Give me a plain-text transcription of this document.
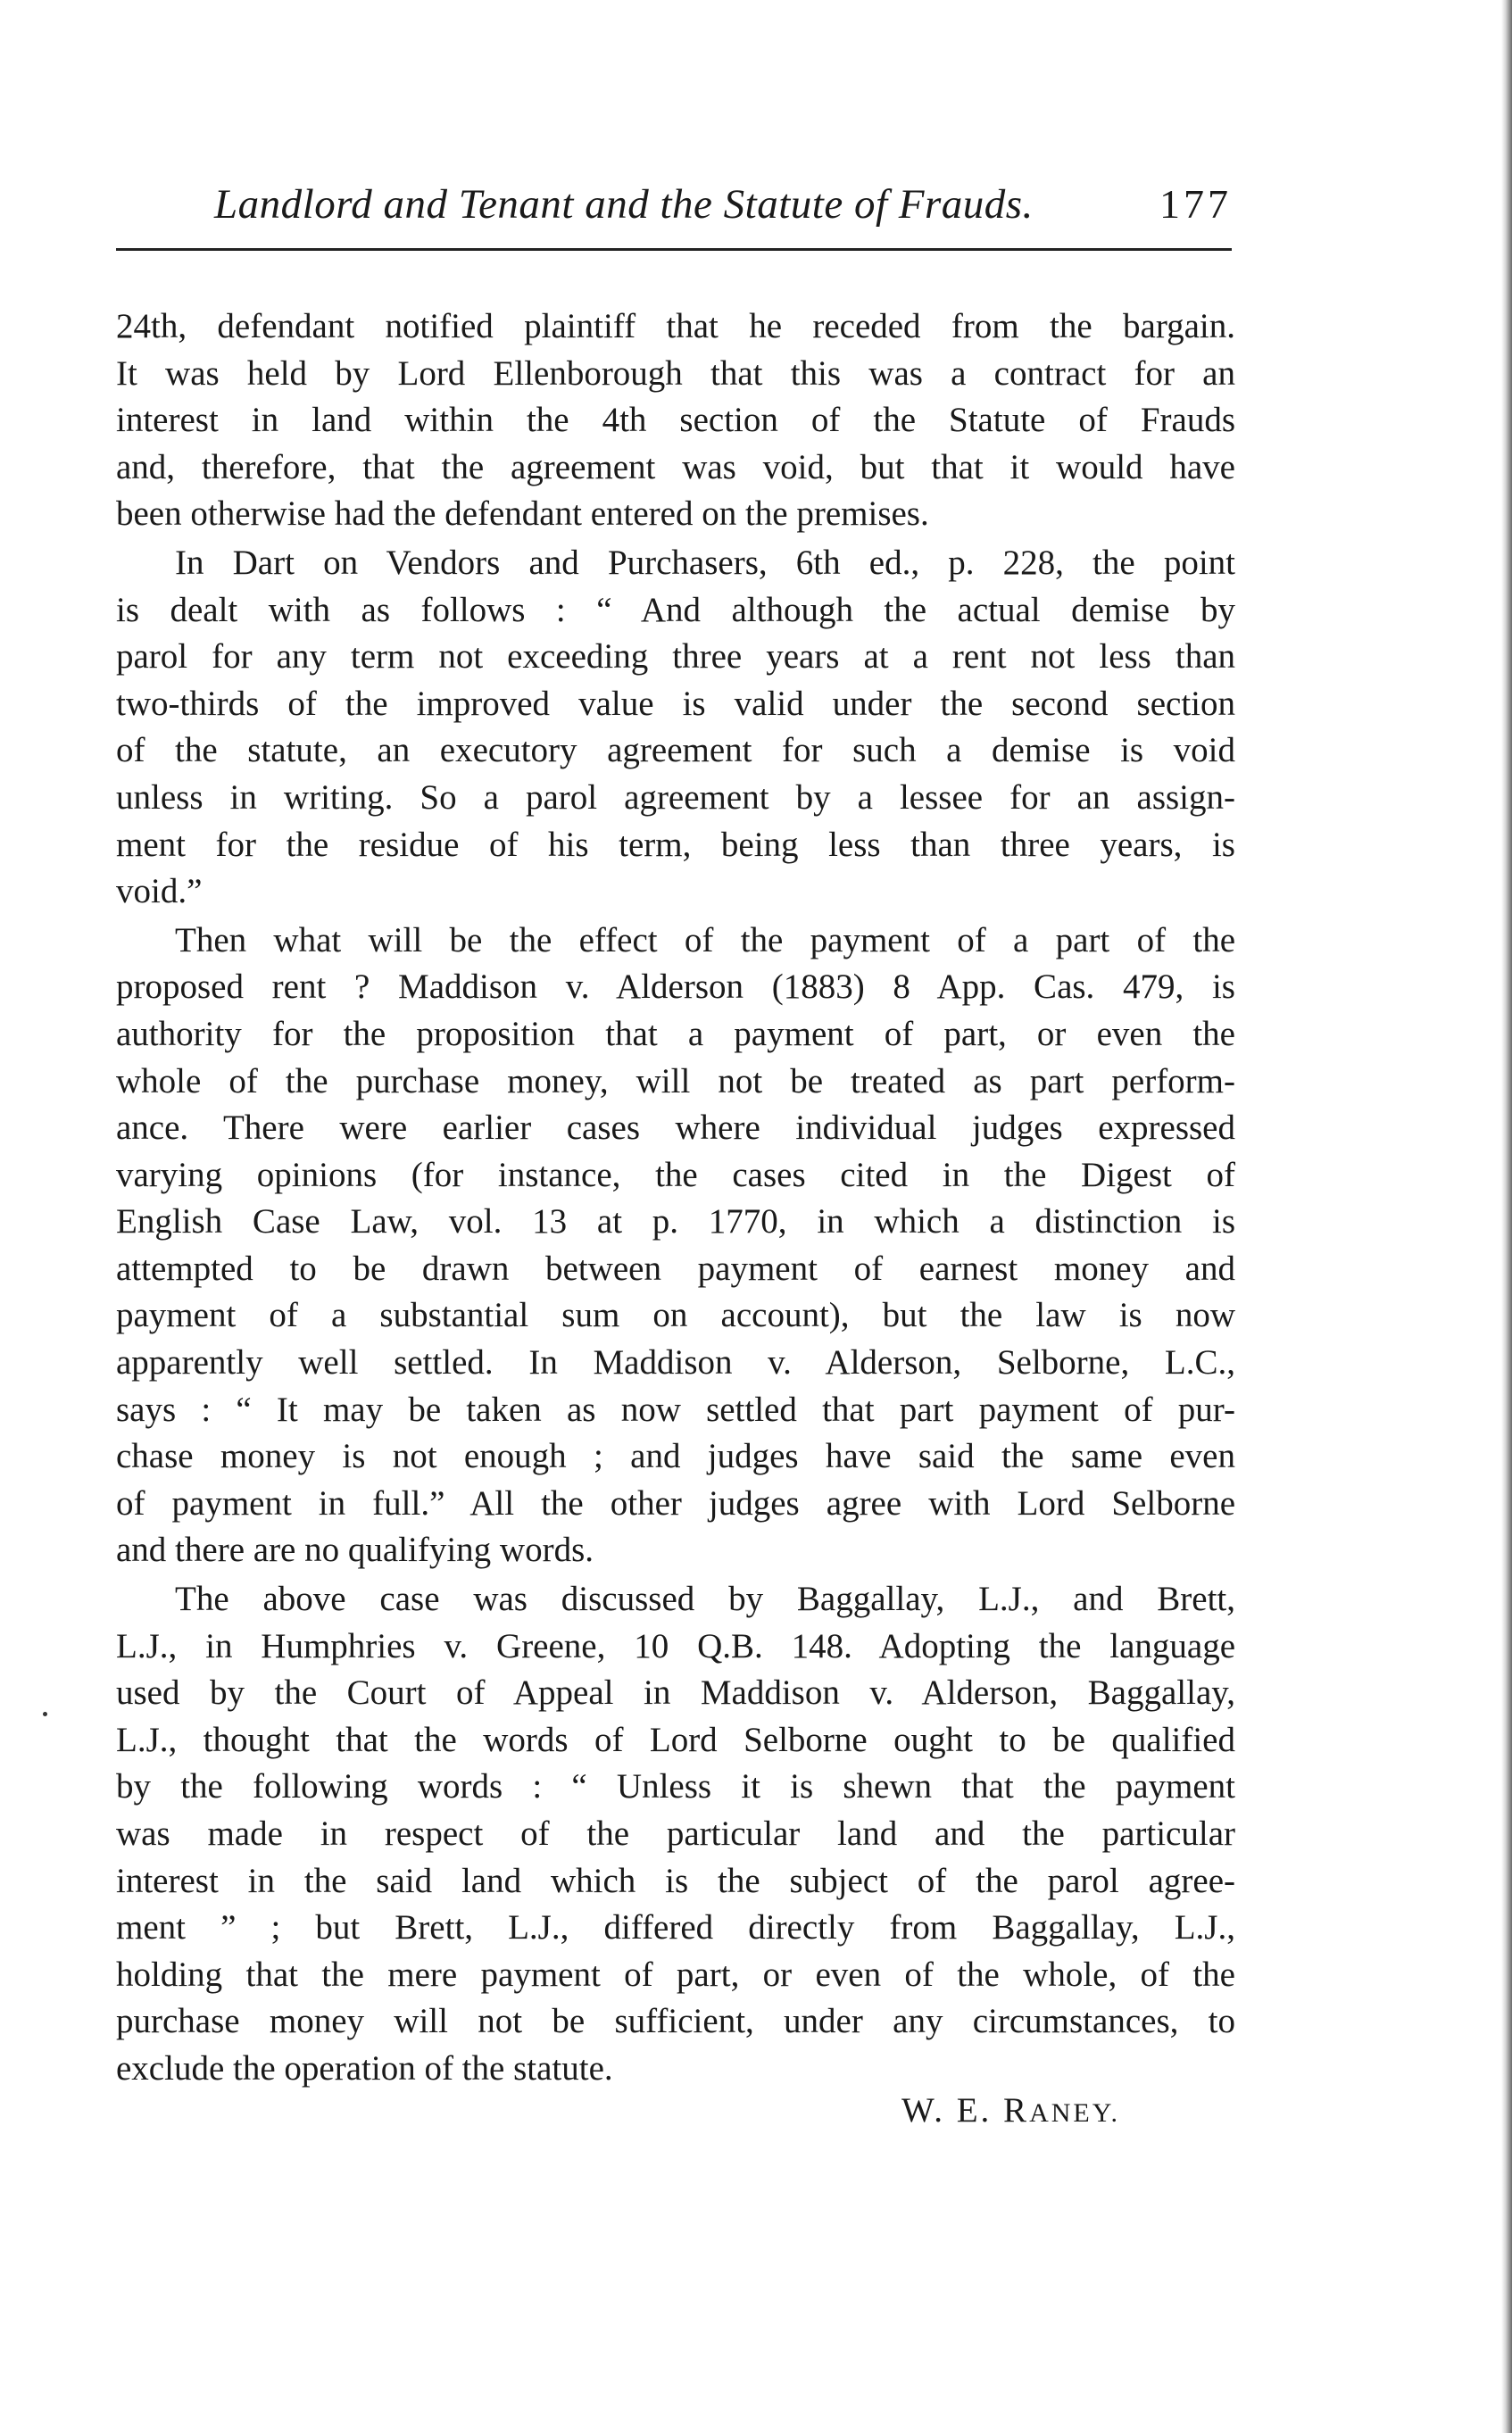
Landlord and Tenant and the Statute of Frauds.	177
24th, defendant notified plaintiff that he receded from the bargain.
It was held by Lord Ellenborough that this was a contract for an
interest in land within the 4th section of the Statute of Frauds
and, therefore, that the agreement was void, but that it would have
been otherwise had the defendant entered on the premises.
In Dart on Vendors and Purchasers, 6th ed., p. 228, the point
is dealt with as follows : “ And although the actual demise by
parol for any term not exceeding three years at a rent not less than
two-thirds of the improved value is valid under the second section
of the statute, an executory agreement for such a demise is void
unless in writing. So a parol agreement by a lessee for an assign-
ment for the residue of his term, being less than three years, is
void.”
Then what will be the effect of the payment of a part of the
proposed rent ? Maddison v. Alderson (1883) 8 App. Cas. 479, is
authority for the proposition that a payment of part, or even the
whole of the purchase money, will not be treated as part perform-
ance. There were earlier cases where individual judges expressed
varying opinions (for instance, the cases cited in the Digest of
English Case Law, vol. 13 at p. 1770, in which a distinction is
attempted to be drawn between payment of earnest money and
payment of a substantial sum on account), but the law is now
apparently well settled. In Maddison v. Alderson, Selborne, L.C.,
says : “ It may be taken as now settled that part payment of pur-
chase money is not enough ; and judges have said the same even
of payment in full.” All the other judges agree with Lord Selborne
and there are no qualifying words.
The above case was discussed by Baggallay, L.J., and Brett,
L.J., in Humphries v. Greene, 10 Q.B. 148. Adopting the language
used by the Court of Appeal in Maddison v. Alderson, Baggallay,
L.J., thought that the words of Lord Selborne ought to be qualified
by the following words : “ Unless it is shewn that the payment
was made in respect of the particular land and the particular
interest in the said land which is the subject of the parol agree-
ment ” ; but Brett, L.J., differed directly from Baggallay, L.J.,
holding that the mere payment of part, or even of the whole, of the
purchase money will not be sufficient, under any circumstances, to
exclude the operation of the statute.
W. E. RANEY.
